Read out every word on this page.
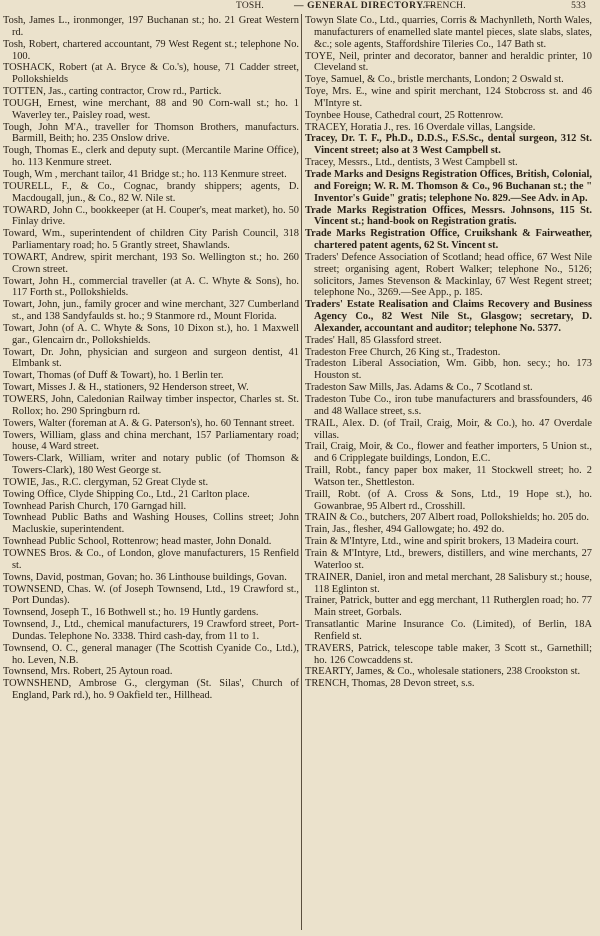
TOSH.	— GENERAL DIRECTORY.—
TRENCH.	533

Tosh, James L., ironmonger, 197 Buchanan st.; ho. 21 Great Western rd.

Tosh, Robert, chartered accountant, 79 West Regent st.; telephone No. 100.

TOSHACK, Robert (at A. Bryce & Co.'s), house, 71 Cadder street, Pollokshields

TOTTEN, Jas., carting contractor, Crow rd., Partick.

TOUGH, Ernest, wine merchant, 88 and 90 Corn-wall st.; ho. 1 Waverley ter., Paisley road, west.

Tough, John M'A., traveller for Thomson Brothers, manufacturs. Barmill, Beith; ho. 235 Onslow drive.

Tough, Thomas E., clerk and deputy supt. (Mercantile Marine Office), ho. 113 Kenmure street.

Tough, Wm , merchant tailor, 41 Bridge st.; ho. 113 Kenmure street.

TOURELL, F., & Co., Cognac, brandy shippers; agents, D. Macdougall, jun., & Co., 82 W. Nile st.

TOWARD, John C., bookkeeper (at H. Couper's, meat market), ho. 50 Finlay drive.

Toward, Wm., superintendent of children City Parish Council, 318 Parliamentary road; ho. 5 Grantly street, Shawlands.

TOWART, Andrew, spirit merchant, 193 So. Wellington st.; ho. 260 Crown street.

Towart, John H., commercial traveller (at A. C. Whyte & Sons), ho. 117 Forth st., Pollokshields.

Towart, John, jun., family grocer and wine merchant, 327 Cumberland st., and 138 Sandyfaulds st. ho.; 9 Stanmore rd., Mount Florida.

Towart, John (of A. C. Whyte & Sons, 10 Dixon st.), ho. 1 Maxwell gar., Glencairn dr., Pollokshields.

Towart, Dr. John, physician and surgeon and surgeon dentist, 41 Elmbank st.

Towart, Thomas (of Duff & Towart), ho. 1 Berlin ter.

Towart, Misses J. & H., stationers, 92 Henderson street, W.

TOWERS, John, Caledonian Railway timber inspector, Charles st. St. Rollox; ho. 290 Springburn rd.

Towers, Walter (foreman at A. & G. Paterson's), ho. 60 Tennant street.

Towers, William, glass and china merchant, 157 Parliamentary road; house, 4 Ward street.

Towers-Clark, William, writer and notary public (of Thomson & Towers-Clark), 180 West George st.

TOWIE, Jas., R.C. clergyman, 52 Great Clyde st.

Towing Office, Clyde Shipping Co., Ltd., 21 Carlton place.

Townhead Parish Church, 170 Garngad hill.

Townhead Public Baths and Washing Houses, Collins street; John Macluskie, superintendent.

Townhead Public School, Rottenrow; head master, John Donald.

TOWNES Bros. & Co., of London, glove manufacturers, 15 Renfield st.

Towns, David, postman, Govan; ho. 36 Linthouse buildings, Govan.

TOWNSEND, Chas. W. (of Joseph Townsend, Ltd., 19 Crawford st., Port Dundas).

Townsend, Joseph T., 16 Bothwell st.; ho. 19 Huntly gardens.

Townsend, J., Ltd., chemical manufacturers, 19 Crawford street, Port-Dundas. Telephone No. 3338. Third cash-day, from 11 to 1.

Townsend, O. C., general manager (The Scottish Cyanide Co., Ltd.), ho. Leven, N.B.

Townsend, Mrs. Robert, 25 Aytoun road.

TOWNSHEND, Ambrose G., clergyman (St. Silas', Church of England, Park rd.), ho. 9 Oakfield ter., Hillhead.

Towyn Slate Co., Ltd., quarries, Corris & Machynlleth, North Wales, manufacturers of enamelled slate mantel pieces, slate slabs, slates, &c.; sole agents, Staffordshire Tileries Co., 147 Bath st.

TOYE, Neil, printer and decorator, banner and heraldic printer, 10 Cleveland st.

Toye, Samuel, & Co., bristle merchants, London; 2 Oswald st.

Toye, Mrs. E., wine and spirit merchant, 124 Stobcross st. and 46 M'Intyre st.

Toynbee House, Cathedral court, 25 Rottenrow.

TRACEY, Horatia J., res. 16 Overdale villas, Langside.

Tracey, Dr. T. F., Ph.D., D.D.S., F.S.Sc., dental surgeon, 312 St. Vincent street; also at 3 West Campbell st.

Tracey, Messrs., Ltd., dentists, 3 West Campbell st.

Trade Marks and Designs Registration Offices, British, Colonial, and Foreign; W. R. M. Thomson & Co., 96 Buchanan st.; the " Inventor's Guide" gratis; telephone No. 829.—See Adv. in Ap.

Trade Marks Registration Offices, Messrs. Johnsons, 115 St. Vincent st.; hand-book on Registration gratis.

Trade Marks Registration Office, Cruikshank & Fairweather, chartered patent agents, 62 St. Vincent st.

Traders' Defence Association of Scotland; head office, 67 West Nile street; organising agent, Robert Walker; telephone No., 5126; solicitors, James Stevenson & Mackinlay, 67 West Regent street; telephone No., 3269.—See App., p. 185.

Traders' Estate Realisation and Claims Recovery and Business Agency Co., 82 West Nile St., Glasgow; secretary, D. Alexander, accountant and auditor; telephone No. 5377.

Trades' Hall, 85 Glassford street.

Tradeston Free Church, 26 King st., Tradeston.

Tradeston Liberal Association, Wm. Gibb, hon. secy.; ho. 173 Houston st.

Tradeston Saw Mills, Jas. Adams & Co., 7 Scotland st.

Tradeston Tube Co., iron tube manufacturers and brassfounders, 46 and 48 Wallace street, s.s.

TRAIL, Alex. D. (of Trail, Craig, Moir, & Co.), ho. 47 Overdale villas.

Trail, Craig, Moir, & Co., flower and feather importers, 5 Union st., and 6 Cripplegate buildings, London, E.C.

Traill, Robt., fancy paper box maker, 11 Stockwell street; ho. 2 Watson ter., Shettleston.

Traill, Robt. (of A. Cross & Sons, Ltd., 19 Hope st.), ho. Gowanbrae, 95 Albert rd., Crosshill.

TRAIN & Co., butchers, 207 Albert road, Pollokshields; ho. 205 do.

Train, Jas., flesher, 494 Gallowgate; ho. 492 do.

Train & M'Intyre, Ltd., wine and spirit brokers, 13 Madeira court.

Train & M'Intyre, Ltd., brewers, distillers, and wine merchants, 27 Waterloo st.

TRAINER, Daniel, iron and metal merchant, 28 Salisbury st.; house, 118 Eglinton st.

Trainer, Patrick, butter and egg merchant, 11 Rutherglen road; ho. 77 Main street, Gorbals.

Transatlantic Marine Insurance Co. (Limited), of Berlin, 18A Renfield st.

TRAVERS, Patrick, telescope table maker, 3 Scott st., Garnethill; ho. 126 Cowcaddens st.

TREARTY, James, & Co., wholesale stationers, 238 Crookston st.

TRENCH, Thomas, 28 Devon street, s.s.
